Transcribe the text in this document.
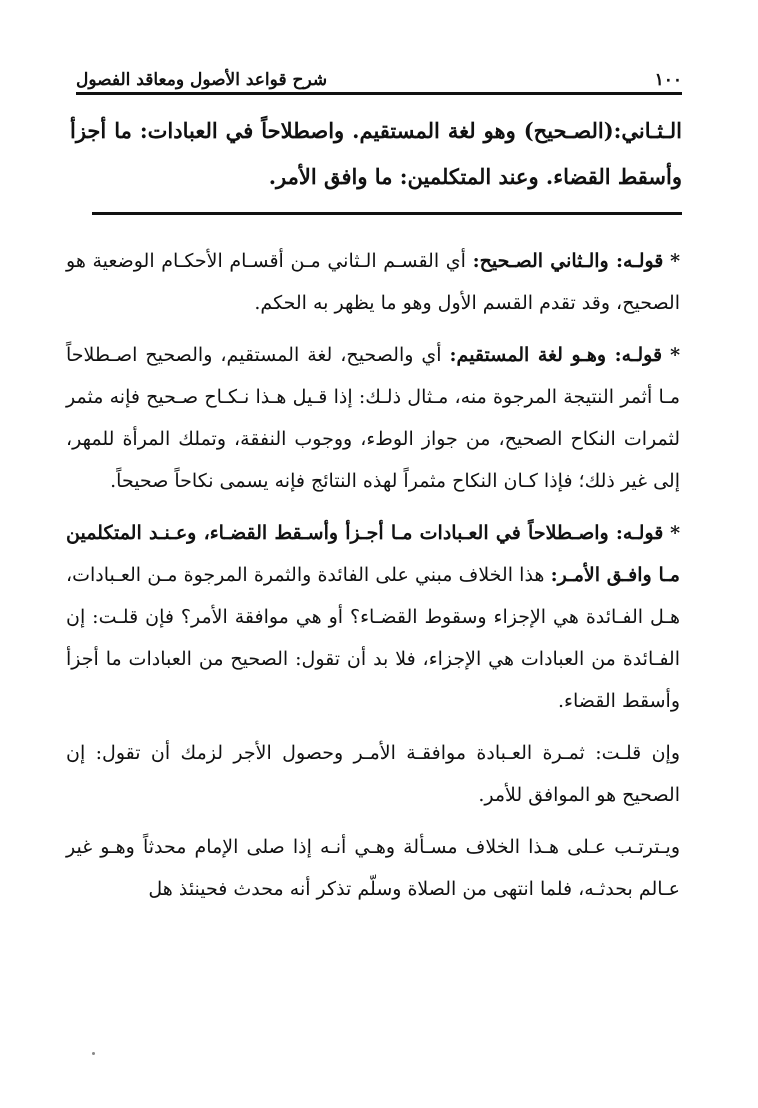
١٠٠
شرح قواعد الأصول ومعاقد الفصول

الـثـاني:(الصـحيح) وهو لغة المستقيم. واصطلاحاً في العبادات: ما أجزأ وأسقط القضاء. وعند المتكلمين: ما وافق الأمر.

* قولـه: والـثاني الصـحيح: أي القسـم الـثاني مـن أقسـام الأحكـام الوضعية هو الصحيح، وقد تقدم القسم الأول وهو ما يظهر به الحكم.

* قولـه: وهـو لغة المستقيم: أي والصحيح، لغة المستقيم، والصحيح اصـطلاحاً مـا أثمر النتيجة المرجوة منه، مـثال ذلـك: إذا قـيل هـذا نـكـاح صـحيح فإنه مثمر لثمرات النكاح الصحيح، من جواز الوطء، ووجوب النفقة، وتملك المرأة للمهر، إلى غير ذلك؛ فإذا كـان النكاح مثمراً لهذه النتائج فإنه يسمى نكاحاً صحيحاً.

* قولـه: واصـطلاحاً في العـبادات مـا أجـزأ وأسـقط القضـاء، وعـنـد المتكلمين مـا وافـق الأمـر: هذا الخلاف مبني على الفائدة والثمرة المرجوة مـن العـبادات، هـل الفـائدة هي الإجزاء وسقوط القضـاء؟ أو هي موافقة الأمر؟ فإن قلـت: إن الفـائدة من العبادات هي الإجزاء، فلا بد أن تقول: الصحيح من العبادات ما أجزأ وأسقط القضاء.

وإن قلـت: ثمـرة العـبادة موافقـة الأمـر وحصول الأجر لزمك أن تقول: إن الصحيح هو الموافق للأمر.

ويـترتـب عـلى هـذا الخلاف مسـألة وهـي أنـه إذا صلى الإمام محدثاً وهـو غير عـالم بحدثـه، فلما انتهى من الصلاة وسلّم تذكر أنه محدث فحينئذ هل
